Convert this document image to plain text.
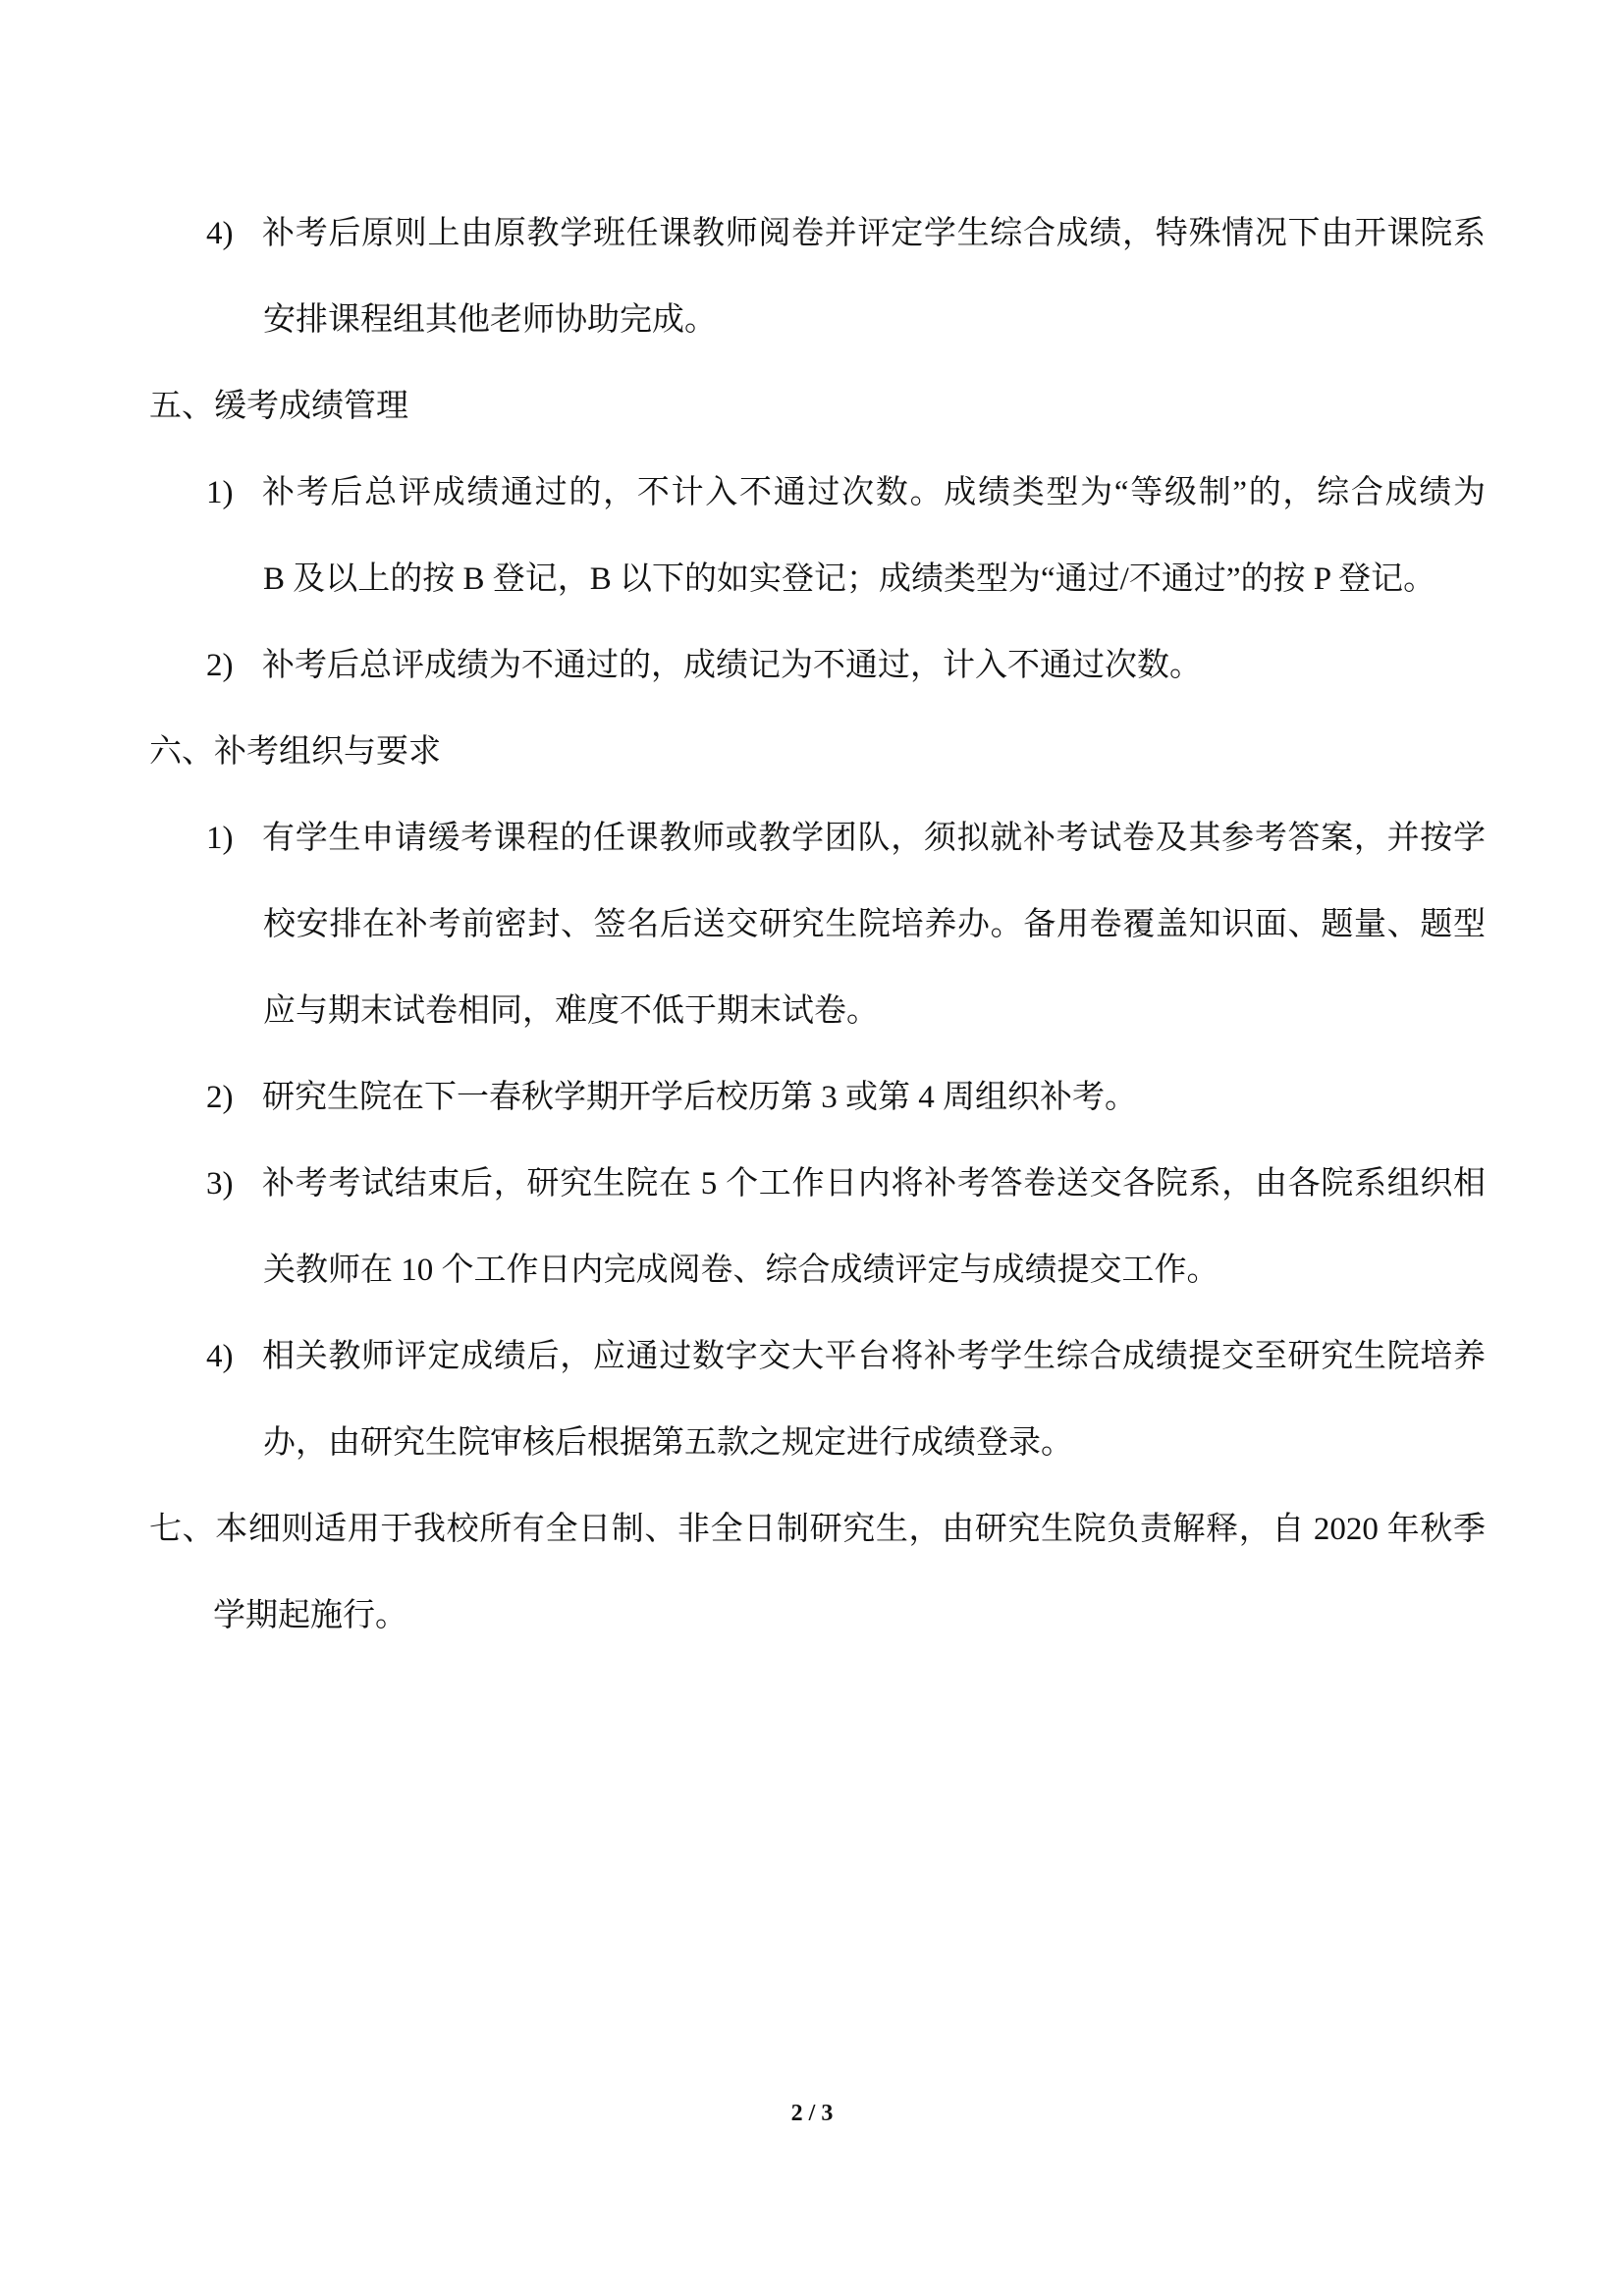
4) 补考后原则上由原教学班任课教师阅卷并评定学生综合成绩，特殊情况下由开课院系
安排课程组其他老师协助完成。
五、缓考成绩管理
1) 补考后总评成绩通过的，不计入不通过次数。成绩类型为“等级制”的，综合成绩为
B 及以上的按 B 登记，B 以下的如实登记；成绩类型为“通过/不通过”的按 P 登记。
2) 补考后总评成绩为不通过的，成绩记为不通过，计入不通过次数。
六、补考组织与要求
1) 有学生申请缓考课程的任课教师或教学团队，须拟就补考试卷及其参考答案，并按学
校安排在补考前密封、签名后送交研究生院培养办。备用卷覆盖知识面、题量、题型
应与期末试卷相同，难度不低于期末试卷。
2) 研究生院在下一春秋学期开学后校历第 3 或第 4 周组织补考。
3) 补考考试结束后，研究生院在 5 个工作日内将补考答卷送交各院系，由各院系组织相
关教师在 10 个工作日内完成阅卷、综合成绩评定与成绩提交工作。
4) 相关教师评定成绩后，应通过数字交大平台将补考学生综合成绩提交至研究生院培养
办，由研究生院审核后根据第五款之规定进行成绩登录。
七、本细则适用于我校所有全日制、非全日制研究生，由研究生院负责解释，自 2020 年秋季
学期起施行。
2 / 3
